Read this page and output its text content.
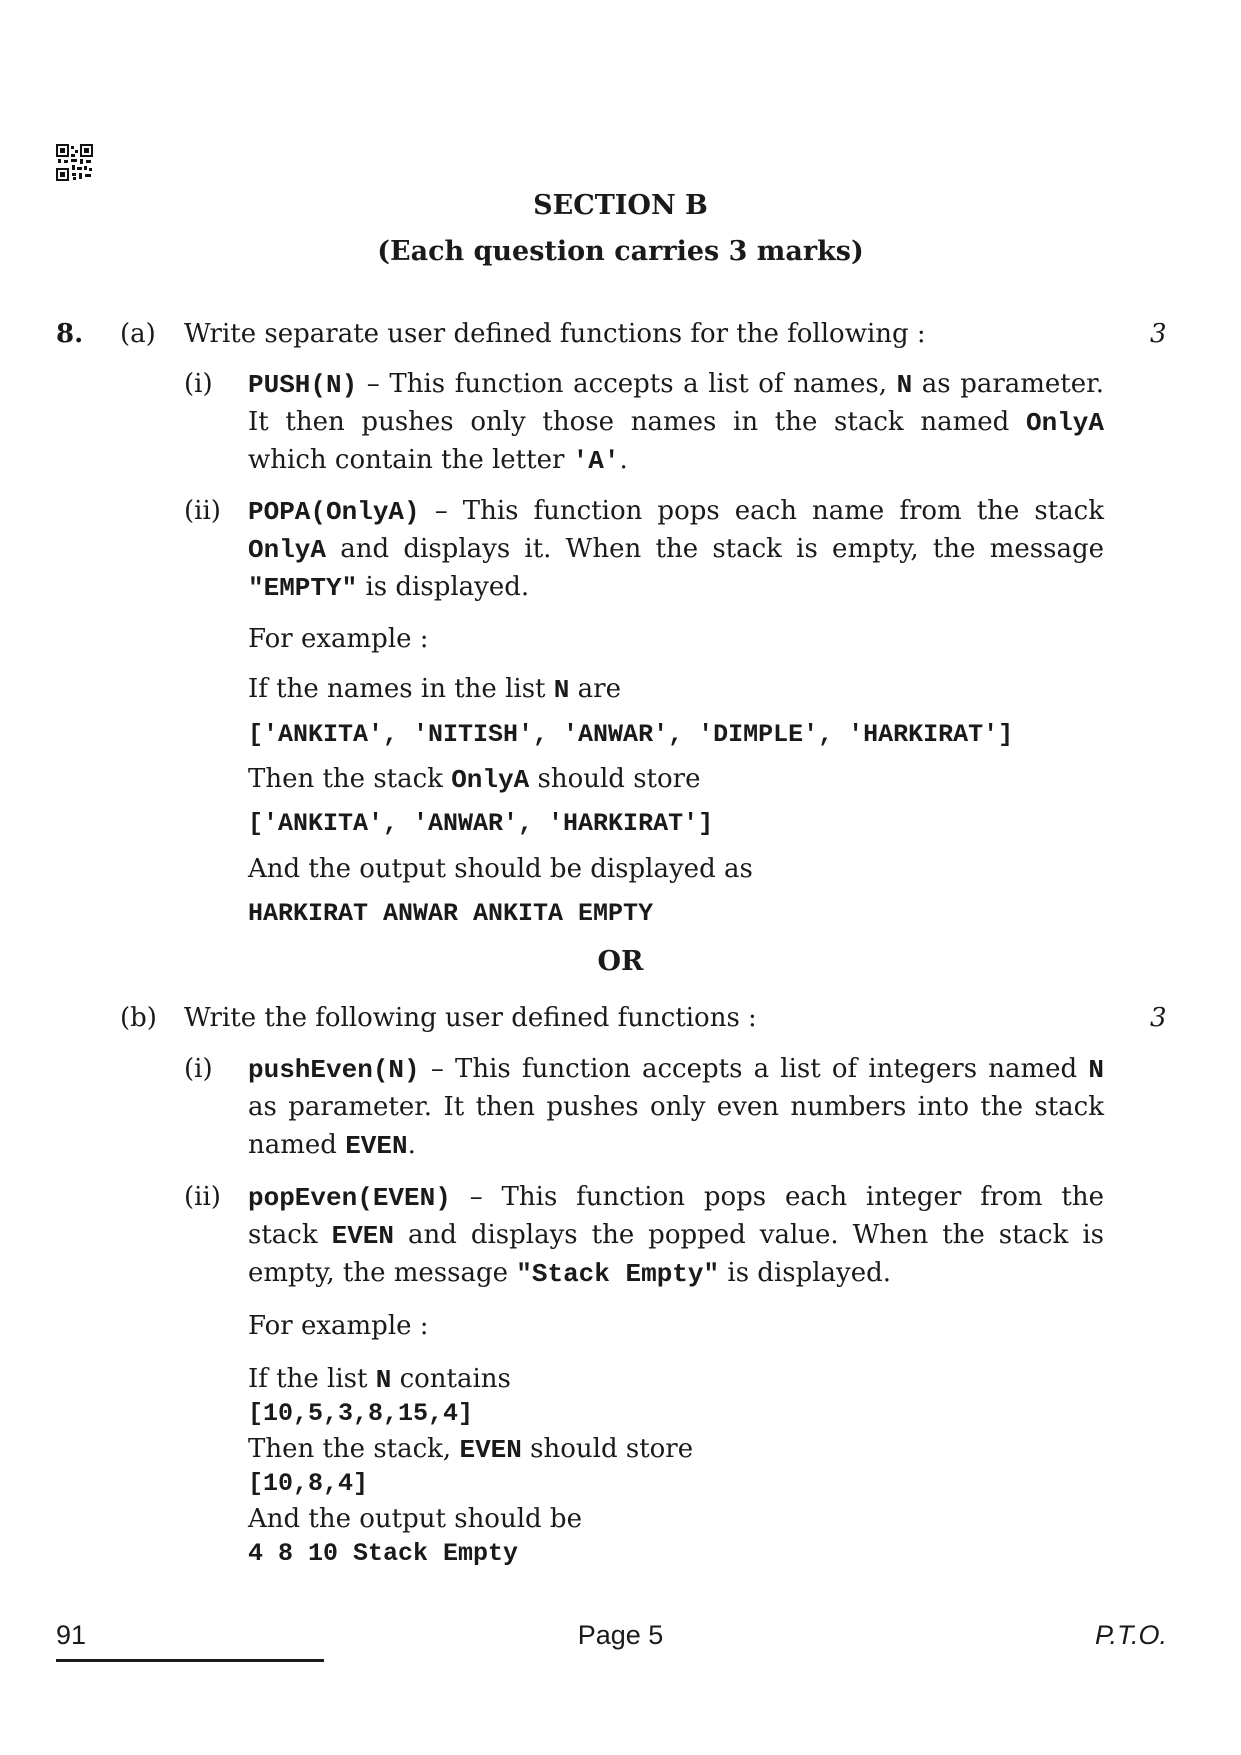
SECTION B
(Each question carries 3 marks)
8. (a) Write separate user defined functions for the following :	3
(i) PUSH(N) – This function accepts a list of names, N as parameter.
It then pushes only those names in the stack named OnlyA
which contain the letter 'A'.
(ii) POPA(OnlyA) – This function pops each name from the stack
OnlyA and displays it. When the stack is empty, the message
"EMPTY" is displayed.
For example :
If the names in the list N are
['ANKITA', 'NITISH', 'ANWAR', 'DIMPLE', 'HARKIRAT']
Then the stack OnlyA should store
['ANKITA', 'ANWAR', 'HARKIRAT']
And the output should be displayed as
HARKIRAT ANWAR ANKITA EMPTY
OR
(b) Write the following user defined functions :	3
(i) pushEven(N) – This function accepts a list of integers named N
as parameter. It then pushes only even numbers into the stack
named EVEN.
(ii) popEven(EVEN) – This function pops each integer from the
stack EVEN and displays the popped value. When the stack is
empty, the message "Stack Empty" is displayed.
For example :
If the list N contains
[10,5,3,8,15,4]
Then the stack, EVEN should store
[10,8,4]
And the output should be
4 8 10 Stack Empty
91	Page 5	P.T.O.
